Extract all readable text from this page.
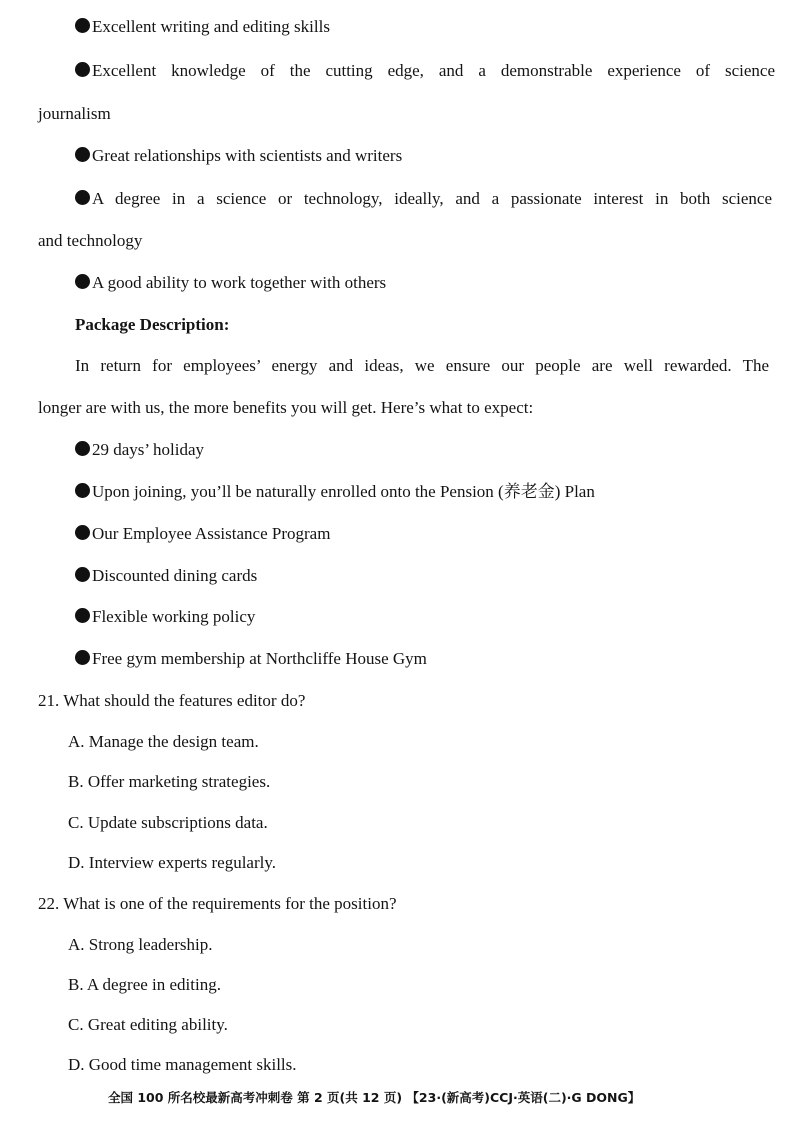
Excellent writing and editing skills
Excellent knowledge of the cutting edge, and a demonstrable experience of science
journalism
Great relationships with scientists and writers
A degree in a science or technology, ideally, and a passionate interest in both science
and technology
A good ability to work together with others
Package Description:
In return for employees’ energy and ideas, we ensure our people are well rewarded. The
longer are with us, the more benefits you will get. Here’s what to expect:
29 days’ holiday
Upon joining, you’ll be naturally enrolled onto the Pension (养老金) Plan
Our Employee Assistance Program
Discounted dining cards
Flexible working policy
Free gym membership at Northcliffe House Gym
21. What should the features editor do?
A. Manage the design team.
B. Offer marketing strategies.
C. Update subscriptions data.
D. Interview experts regularly.
22. What is one of the requirements for the position?
A. Strong leadership.
B. A degree in editing.
C. Great editing ability.
D. Good time management skills.
全国 100 所名校最新高考冲刺卷 第 2 页(共 12 页) 【23·(新高考)CCJ·英语(二)·G DONG】
